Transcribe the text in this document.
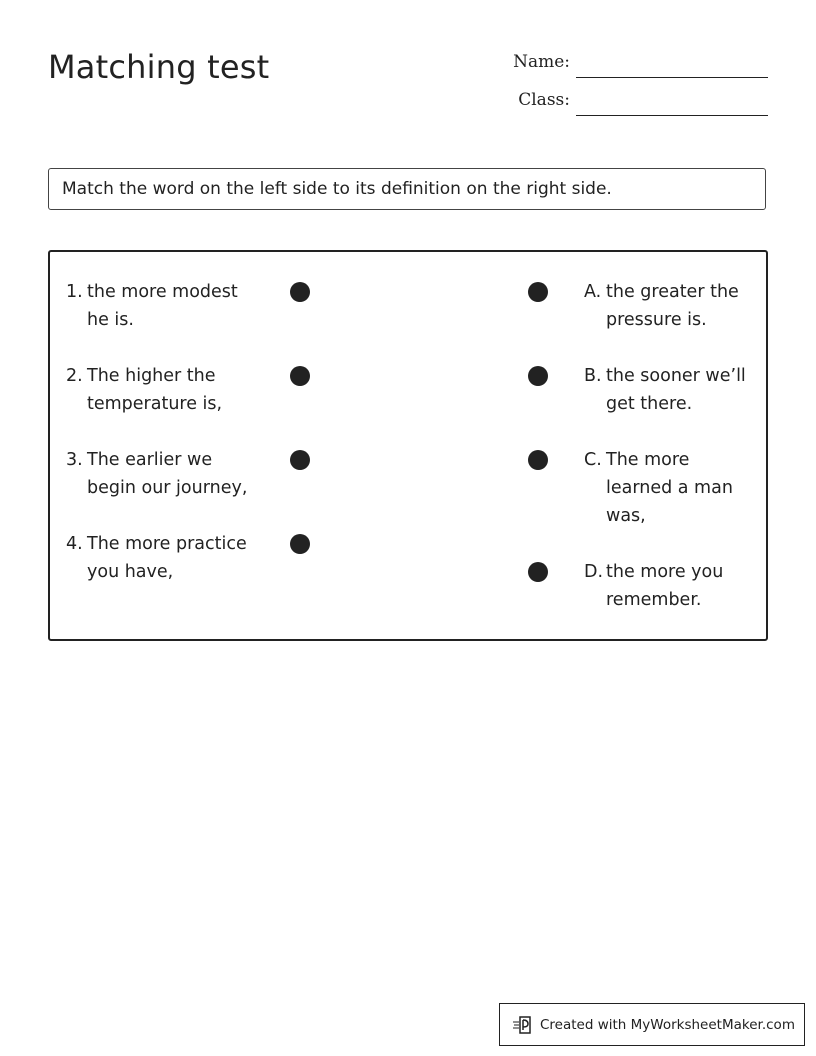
Matching test	Name:
Class:
Match the word on the left side to its definition on the right side.
1. the more modest he is.
2. The higher the temperature is,
3. The earlier we begin our journey,
4. The more practice you have,
A. the greater the pressure is.
B. the sooner we’ll get there.
C. The more learned a man was,
D. the more you remember.
Created with MyWorksheetMaker.com
